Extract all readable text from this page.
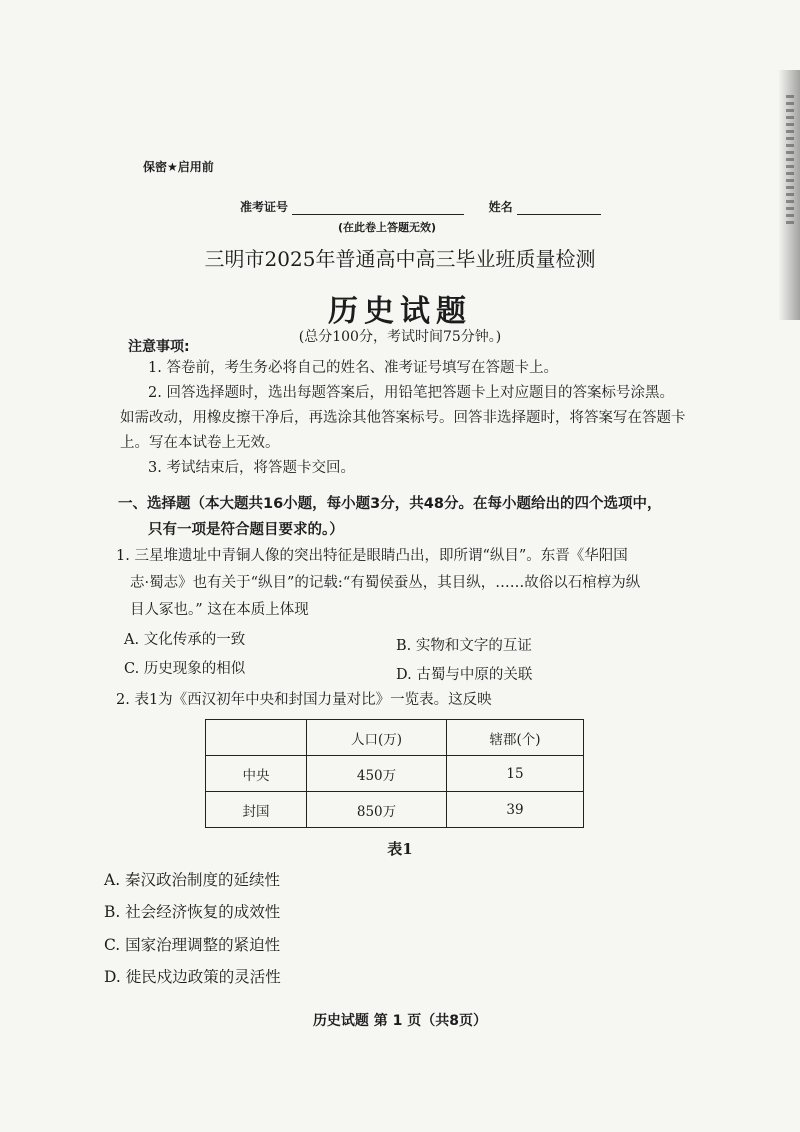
保密★启用前
准考证号	姓名
(在此卷上答题无效)
三明市2025年普通高中高三毕业班质量检测
历史试题
(总分100分，考试时间75分钟。)
注意事项:
1. 答卷前，考生务必将自己的姓名、准考证号填写在答题卡上。
2. 回答选择题时，选出每题答案后，用铅笔把答题卡上对应题目的答案标号涂黑。如需改动，用橡皮擦干净后，再选涂其他答案标号。回答非选择题时，将答案写在答题卡上。写在本试卷上无效。
3. 考试结束后，将答题卡交回。
一、选择题（本大题共16小题，每小题3分，共48分。在每小题给出的四个选项中，
只有一项是符合题目要求的。）
1. 三星堆遗址中青铜人像的突出特征是眼睛凸出，即所谓“纵目”。东晋《华阳国
志·蜀志》也有关于“纵目”的记载:“有蜀侯蚕丛，其目纵，……故俗以石棺椁为纵
目人冢也。” 这在本质上体现
A. 文化传承的一致	B. 实物和文字的互证
C. 历史现象的相似	D. 古蜀与中原的关联
2. 表1为《西汉初年中央和封国力量对比》一览表。这反映
	人口(万)	辖郡(个)
中央	450万	15
封国	850万	39
表1
A. 秦汉政治制度的延续性
B. 社会经济恢复的成效性
C. 国家治理调整的紧迫性
D. 徙民戍边政策的灵活性
历史试题 第 1 页（共8页）
